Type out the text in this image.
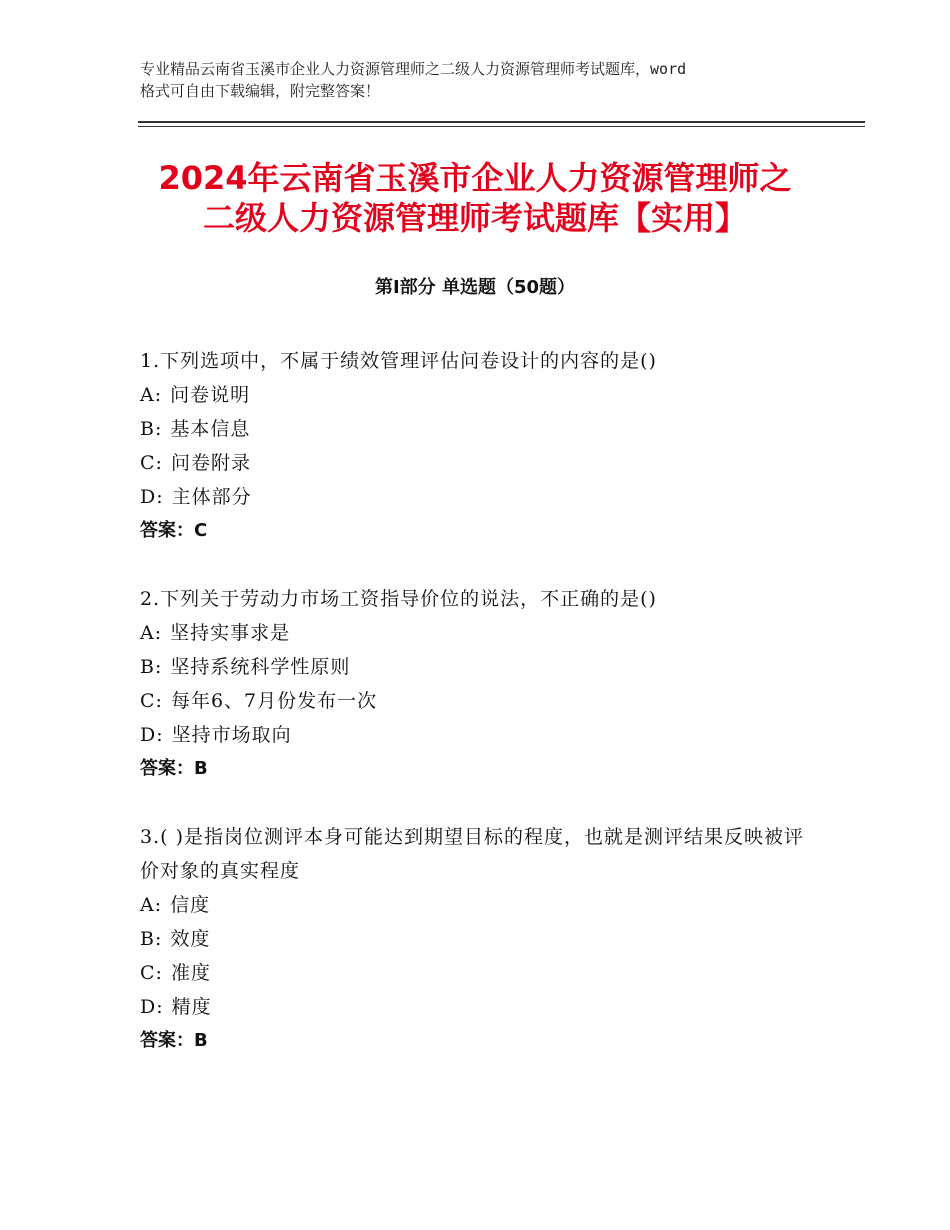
专业精品云南省玉溪市企业人力资源管理师之二级人力资源管理师考试题库，word
格式可自由下载编辑，附完整答案！
2024年云南省玉溪市企业人力资源管理师之
二级人力资源管理师考试题库【实用】
第Ⅰ部分 单选题（50题）
1.下列选项中，不属于绩效管理评估问卷设计的内容的是()
A: 问卷说明
B: 基本信息
C: 问卷附录
D: 主体部分
答案：C
2.下列关于劳动力市场工资指导价位的说法，不正确的是()
A: 坚持实事求是
B: 坚持系统科学性原则
C: 每年6、7月份发布一次
D: 坚持市场取向
答案：B
3.( )是指岗位测评本身可能达到期望目标的程度，也就是测评结果反映被评价对象的真实程度
A: 信度
B: 效度
C: 准度
D: 精度
答案：B
